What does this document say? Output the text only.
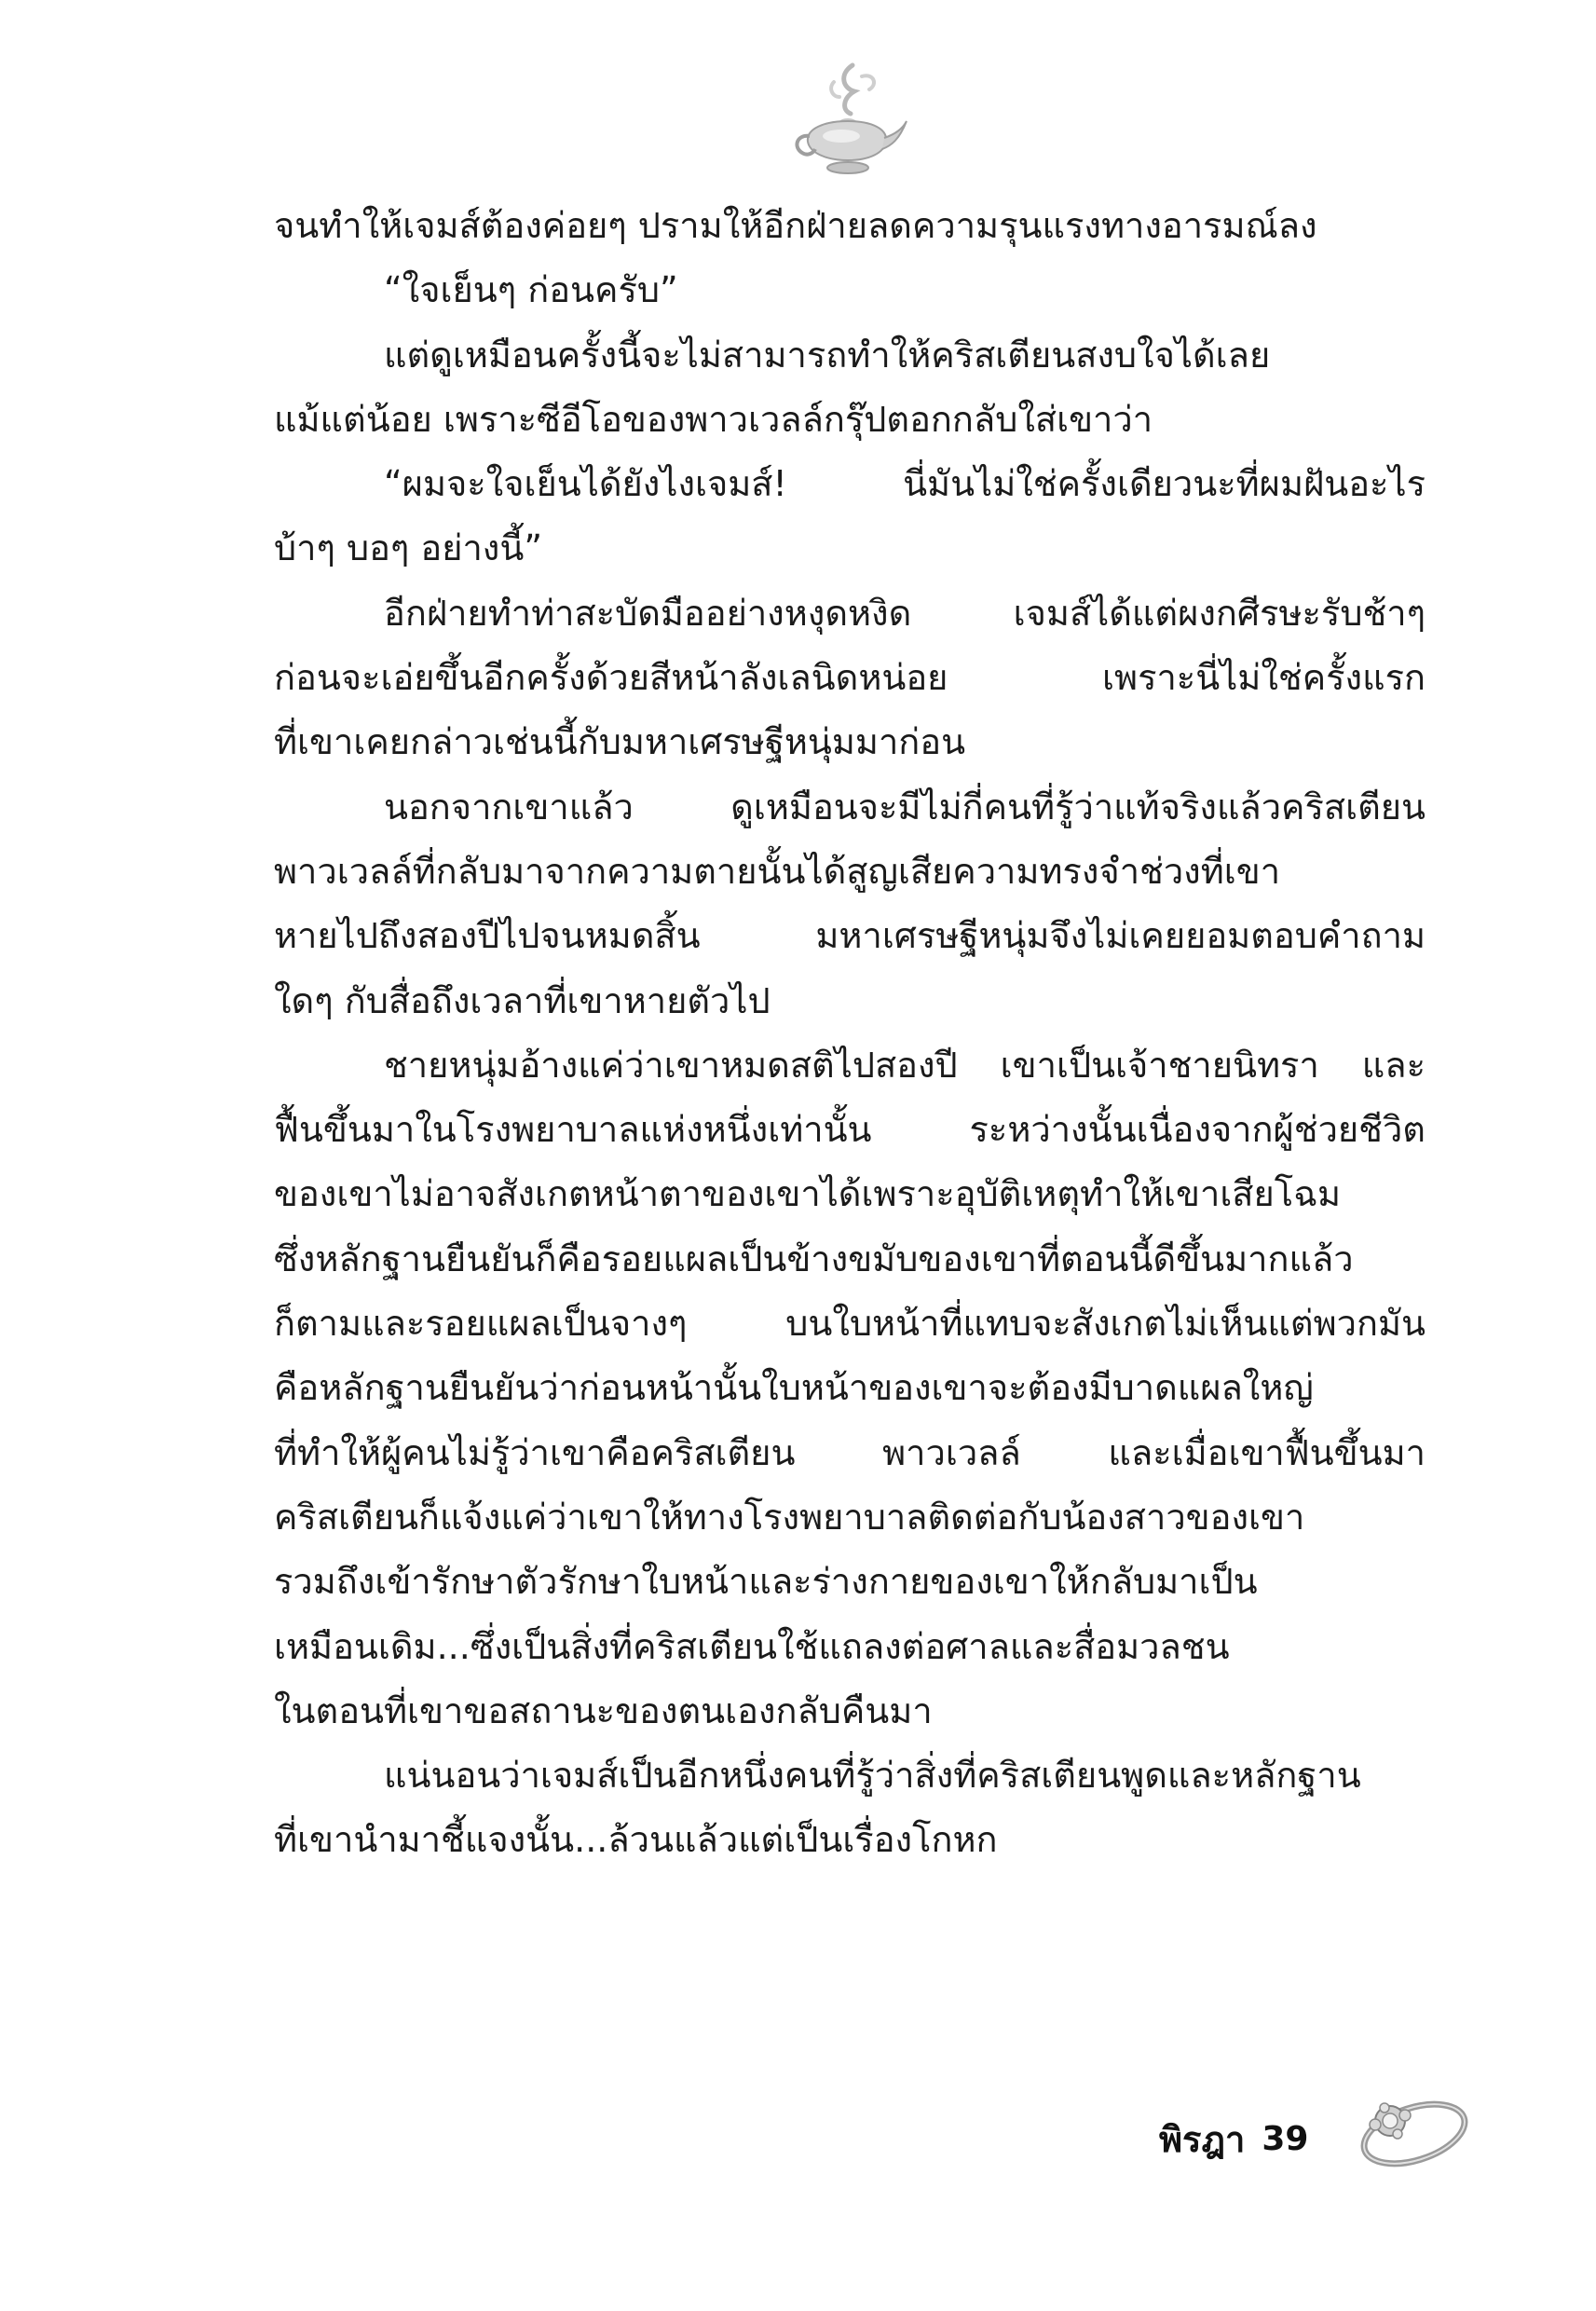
จนทำให้เจมส์ต้องค่อยๆ ปรามให้อีกฝ่ายลดความรุนแรงทางอารมณ์ลง
“ใจเย็นๆ ก่อนครับ”
แต่ดูเหมือนครั้งนี้จะไม่สามารถทำให้คริสเตียนสงบใจได้เลย
แม้แต่น้อย เพราะซีอีโอของพาวเวลล์กรุ๊ปตอกกลับใส่เขาว่า
“ผมจะใจเย็นได้ยังไงเจมส์! นี่มันไม่ใช่ครั้งเดียวนะที่ผมฝันอะไร
บ้าๆ บอๆ อย่างนี้”
อีกฝ่ายทำท่าสะบัดมืออย่างหงุดหงิด เจมส์ได้แต่ผงกศีรษะรับช้าๆ
ก่อนจะเอ่ยขึ้นอีกครั้งด้วยสีหน้าลังเลนิดหน่อย เพราะนี่ไม่ใช่ครั้งแรก
ที่เขาเคยกล่าวเช่นนี้กับมหาเศรษฐีหนุ่มมาก่อน
นอกจากเขาแล้ว ดูเหมือนจะมีไม่กี่คนที่รู้ว่าแท้จริงแล้วคริสเตียน
พาวเวลล์ที่กลับมาจากความตายนั้นได้สูญเสียความทรงจำช่วงที่เขา
หายไปถึงสองปีไปจนหมดสิ้น มหาเศรษฐีหนุ่มจึงไม่เคยยอมตอบคำถาม
ใดๆ กับสื่อถึงเวลาที่เขาหายตัวไป
ชายหนุ่มอ้างแค่ว่าเขาหมดสติไปสองปี เขาเป็นเจ้าชายนิทรา และ
ฟื้นขึ้นมาในโรงพยาบาลแห่งหนึ่งเท่านั้น ระหว่างนั้นเนื่องจากผู้ช่วยชีวิต
ของเขาไม่อาจสังเกตหน้าตาของเขาได้เพราะอุบัติเหตุทำให้เขาเสียโฉม
ซึ่งหลักฐานยืนยันก็คือรอยแผลเป็นข้างขมับของเขาที่ตอนนี้ดีขึ้นมากแล้ว
ก็ตามและรอยแผลเป็นจางๆ บนใบหน้าที่แทบจะสังเกตไม่เห็นแต่พวกมัน
คือหลักฐานยืนยันว่าก่อนหน้านั้นใบหน้าของเขาจะต้องมีบาดแผลใหญ่
ที่ทำให้ผู้คนไม่รู้ว่าเขาคือคริสเตียน พาวเวลล์ และเมื่อเขาฟื้นขึ้นมา
คริสเตียนก็แจ้งแค่ว่าเขาให้ทางโรงพยาบาลติดต่อกับน้องสาวของเขา
รวมถึงเข้ารักษาตัวรักษาใบหน้าและร่างกายของเขาให้กลับมาเป็น
เหมือนเดิม...ซึ่งเป็นสิ่งที่คริสเตียนใช้แถลงต่อศาลและสื่อมวลชน
ในตอนที่เขาขอสถานะของตนเองกลับคืนมา
แน่นอนว่าเจมส์เป็นอีกหนึ่งคนที่รู้ว่าสิ่งที่คริสเตียนพูดและหลักฐาน
ที่เขานำมาชี้แจงนั้น...ล้วนแล้วแต่เป็นเรื่องโกหก
พิรฎา 39
